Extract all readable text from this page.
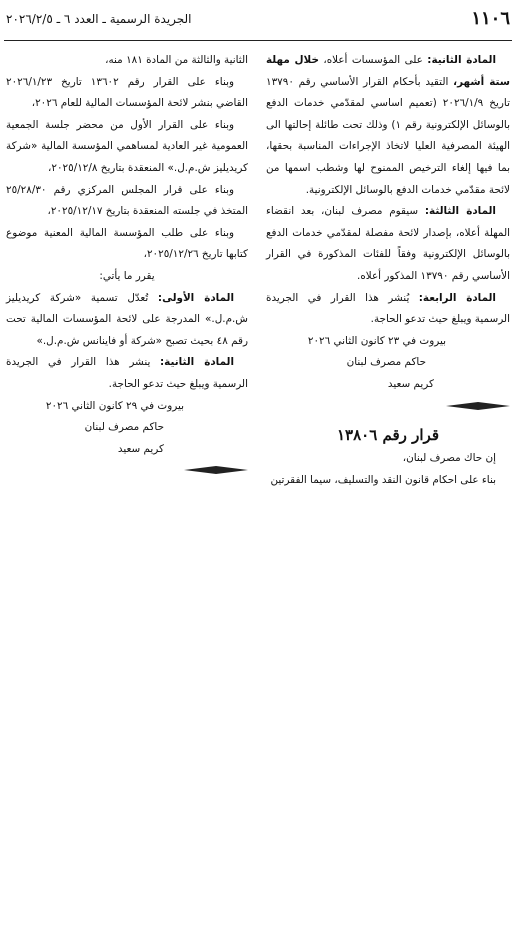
١١٠٦
الجريدة الرسمية ـ العدد ٦ ـ ٢٠٢٦/٢/٥

المادة الثانية: على المؤسسات أعلاه، خلال مهلة ستة أشهر، التقيد بأحكام القرار الأساسي رقم ١٣٧٩٠ تاريخ ٢٠٢٦/١/٩ (تعميم اساسي لمقدّمي خدمات الدفع بالوسائل الإلكترونية رقم ١) وذلك تحت طائلة إحالتها الى الهيئة المصرفية العليا لاتخاذ الإجراءات المناسبة بحقها، بما فيها إلغاء الترخيص الممنوح لها وشطب اسمها من لائحة مقدّمي خدمات الدفع بالوسائل الإلكترونية.

المادة الثالثة: سيقوم مصرف لبنان، بعد انقضاء المهلة أعلاه، بإصدار لائحة مفصلة لمقدّمي خدمات الدفع بالوسائل الإلكترونية وفقاً للفئات المذكورة في القرار الأساسي رقم ١٣٧٩٠ المذكور أعلاه.

المادة الرابعة: يُنشر هذا القرار في الجريدة الرسمية ويبلغ حيث تدعو الحاجة.

بيروت في ٢٣ كانون الثاني ٢٠٢٦

حاكم مصرف لبنان

كريم سعيد

قرار رقم ١٣٨٠٦

إن حاك مصرف لبنان،

بناء على احكام قانون النقد والتسليف، سيما الفقرتين

الثانية والثالثة من المادة ١٨١ منه،

وبناء على القرار رقم ١٣٦٠٢ تاريخ ٢٠٢٦/١/٢٣ القاضي بنشر لائحة المؤسسات المالية للعام ٢٠٢٦،

وبناء على القرار الأول من محضر جلسة الجمعية العمومية غير العادية لمساهمي المؤسسة المالية «شركة كريديليز ش.م.ل.» المنعقدة بتاريخ ٢٠٢٥/١٢/٨،

وبناء على قرار المجلس المركزي رقم ٢٥/٢٨/٣٠ المتخذ في جلسته المنعقدة بتاريخ ٢٠٢٥/١٢/١٧،

وبناء على طلب المؤسسة المالية المعنية موضوع كتابها تاريخ ٢٠٢٥/١٢/٢٦،

يقرر ما يأتي:

المادة الأولى: تُعدّل تسمية «شركة كريديليز ش.م.ل.» المدرجة على لائحة المؤسسات المالية تحت رقم ٤٨ بحيث تصبح «شركة أو فاينانس ش.م.ل.»

المادة الثانية: ينشر هذا القرار في الجريدة الرسمية ويبلغ حيث تدعو الحاجة.

بيروت في ٢٩ كانون الثاني ٢٠٢٦

حاكم مصرف لبنان

كريم سعيد
